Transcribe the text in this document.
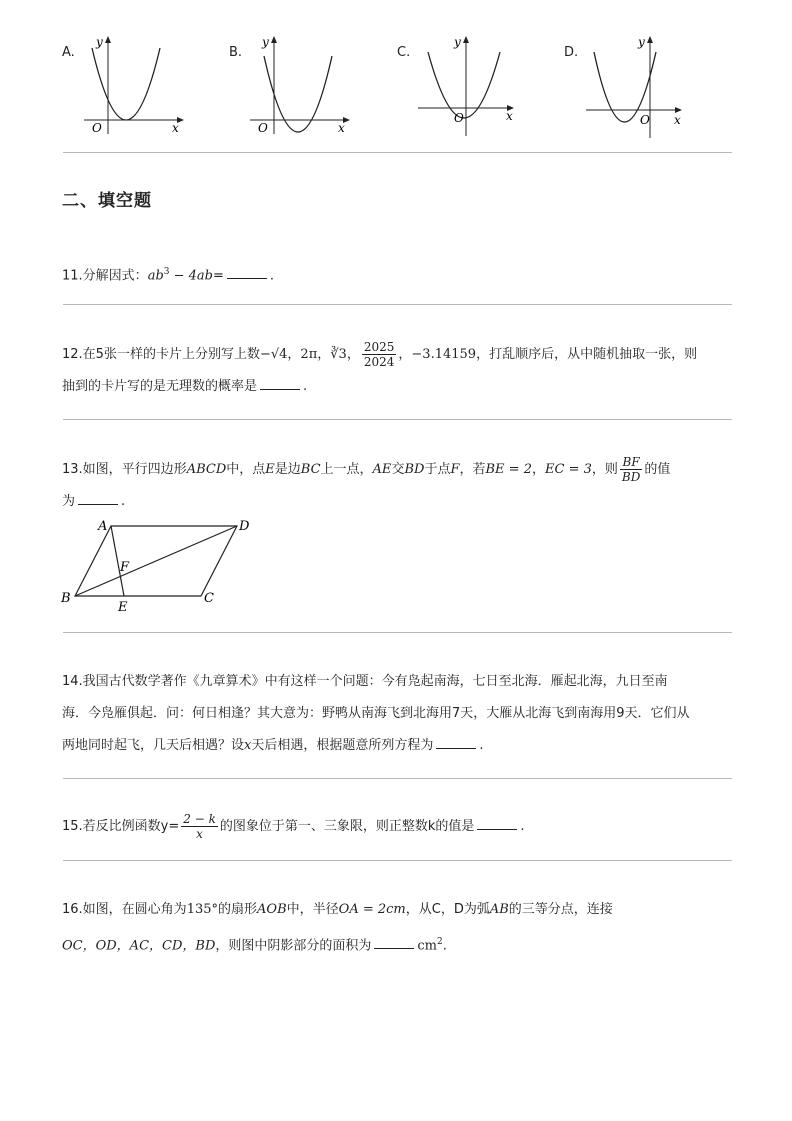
A.
O	x
y
B.
O	x
y
C.
O	x
y
D.
O x
y
二、填空题
11.分解因式：$ab^3 - 4ab=$	.
12.在5张一样的卡片上分别写上数−√4，2π，∛3， $\frac{2025}{2024}$ ，−3.14159，打乱顺序后，从中随机抽取一张，则
抽到的卡片写的是无理数的概率是	.
13.如图，平行四边形ABCD中，点E是边BC上一点，AE交BD于点F，若BE = 2，EC = 3，则 $\frac{BF}{BD}$ 的值
为	.
A	D
B	C
E
F
14.我国古代数学著作《九章算术》中有这样一个问题：今有凫起南海，七日至北海．雁起北海，九日至南
海．今凫雁俱起．问：何日相逢？其大意为：野鸭从南海飞到北海用7天，大雁从北海飞到南海用9天．它们从
两地同时起飞，几天后相遇？设x天后相遇，根据题意所列方程为	.
15.若反比例函数$y= \frac{2 - k}{x}$ 的图象位于第一、三象限，则正整数k的值是	.
16.如图，在圆心角为135°的扇形AOB中，半径OA = 2cm，从C，D为弧AB的三等分点，连接
OC，OD，AC，CD，BD，则图中阴影部分的面积为	$cm^2$.
